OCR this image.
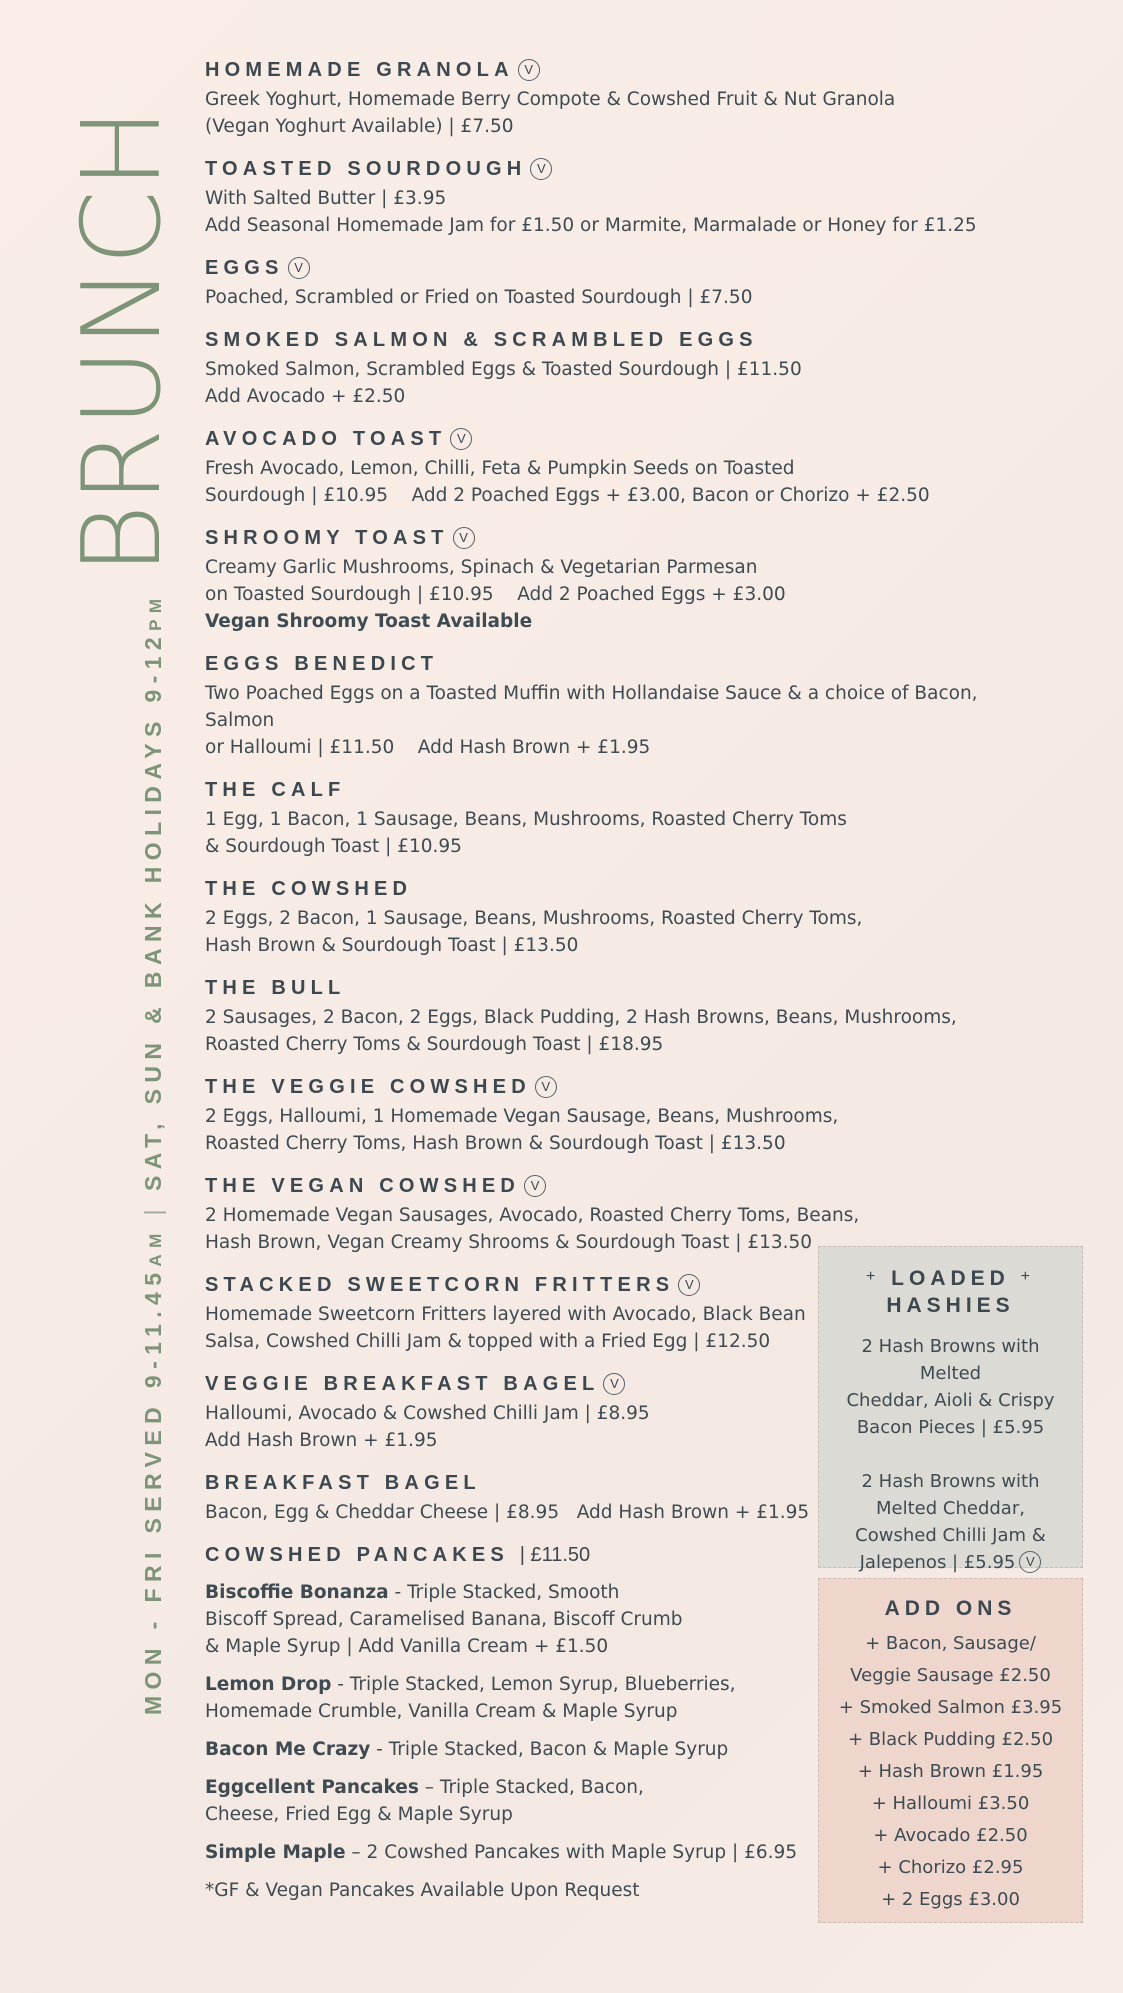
BRUNCH
MON - FRI SERVED 9-11.45AM|SAT, SUN & BANK HOLIDAYS 9-12PM
HOMEMADE GRANOLA V

Greek Yoghurt, Homemade Berry Compote & Cowshed Fruit & Nut Granola

(Vegan Yoghurt Available) | £7.50

TOASTED SOURDOUGH V

With Salted Butter | £3.95

Add Seasonal Homemade Jam for £1.50 or Marmite, Marmalade or Honey for £1.25

EGGS V

Poached, Scrambled or Fried on Toasted Sourdough | £7.50

SMOKED SALMON & SCRAMBLED EGGS

Smoked Salmon, Scrambled Eggs & Toasted Sourdough | £11.50

Add Avocado + £2.50

AVOCADO TOAST V

Fresh Avocado, Lemon, Chilli, Feta & Pumpkin Seeds on Toasted

Sourdough | £10.95    Add 2 Poached Eggs + £3.00, Bacon or Chorizo + £2.50

SHROOMY TOAST V

Creamy Garlic Mushrooms, Spinach & Vegetarian Parmesan

on Toasted Sourdough | £10.95    Add 2 Poached Eggs + £3.00

Vegan Shroomy Toast Available

EGGS BENEDICT

Two Poached Eggs on a Toasted Muffin with Hollandaise Sauce & a choice of Bacon, Salmon

or Halloumi | £11.50    Add Hash Brown + £1.95

THE CALF

1 Egg, 1 Bacon, 1 Sausage, Beans, Mushrooms, Roasted Cherry Toms

& Sourdough Toast | £10.95

THE COWSHED

2 Eggs, 2 Bacon, 1 Sausage, Beans, Mushrooms, Roasted Cherry Toms,

Hash Brown & Sourdough Toast | £13.50

THE BULL

2 Sausages, 2 Bacon, 2 Eggs, Black Pudding, 2 Hash Browns, Beans, Mushrooms,

Roasted Cherry Toms & Sourdough Toast | £18.95

THE VEGGIE COWSHED V

2 Eggs, Halloumi, 1 Homemade Vegan Sausage, Beans, Mushrooms,

Roasted Cherry Toms, Hash Brown & Sourdough Toast | £13.50

THE VEGAN COWSHED V

2 Homemade Vegan Sausages, Avocado, Roasted Cherry Toms, Beans,

Hash Brown, Vegan Creamy Shrooms & Sourdough Toast | £13.50

STACKED SWEETCORN FRITTERS V

Homemade Sweetcorn Fritters layered with Avocado, Black Bean

Salsa, Cowshed Chilli Jam & topped with a Fried Egg | £12.50

VEGGIE BREAKFAST BAGEL V

Halloumi, Avocado & Cowshed Chilli Jam | £8.95

Add Hash Brown + £1.95

BREAKFAST BAGEL

Bacon, Egg & Cheddar Cheese | £8.95   Add Hash Brown + £1.95

COWSHED PANCAKES | £11.50

Biscoffie Bonanza - Triple Stacked, Smooth
Biscoff Spread, Caramelised Banana, Biscoff Crumb
& Maple Syrup | Add Vanilla Cream + £1.50

Lemon Drop - Triple Stacked, Lemon Syrup, Blueberries,
Homemade Crumble, Vanilla Cream & Maple Syrup

Bacon Me Crazy - Triple Stacked, Bacon & Maple Syrup

Eggcellent Pancakes – Triple Stacked, Bacon,
Cheese, Fried Egg & Maple Syrup

Simple Maple – 2 Cowshed Pancakes with Maple Syrup | £6.95

*GF & Vegan Pancakes Available Upon Request

+ LOADED +
HASHIES

2 Hash Browns with Melted
Cheddar, Aioli & Crispy
Bacon Pieces | £5.95

2 Hash Browns with
Melted Cheddar,
Cowshed Chilli Jam &
Jalepenos | £5.95 V

ADD ONS

+ Bacon, Sausage/

Veggie Sausage £2.50

+ Smoked Salmon £3.95

+ Black Pudding £2.50

+ Hash Brown £1.95

+ Halloumi £3.50

+ Avocado £2.50

+ Chorizo £2.95

+ 2 Eggs £3.00
